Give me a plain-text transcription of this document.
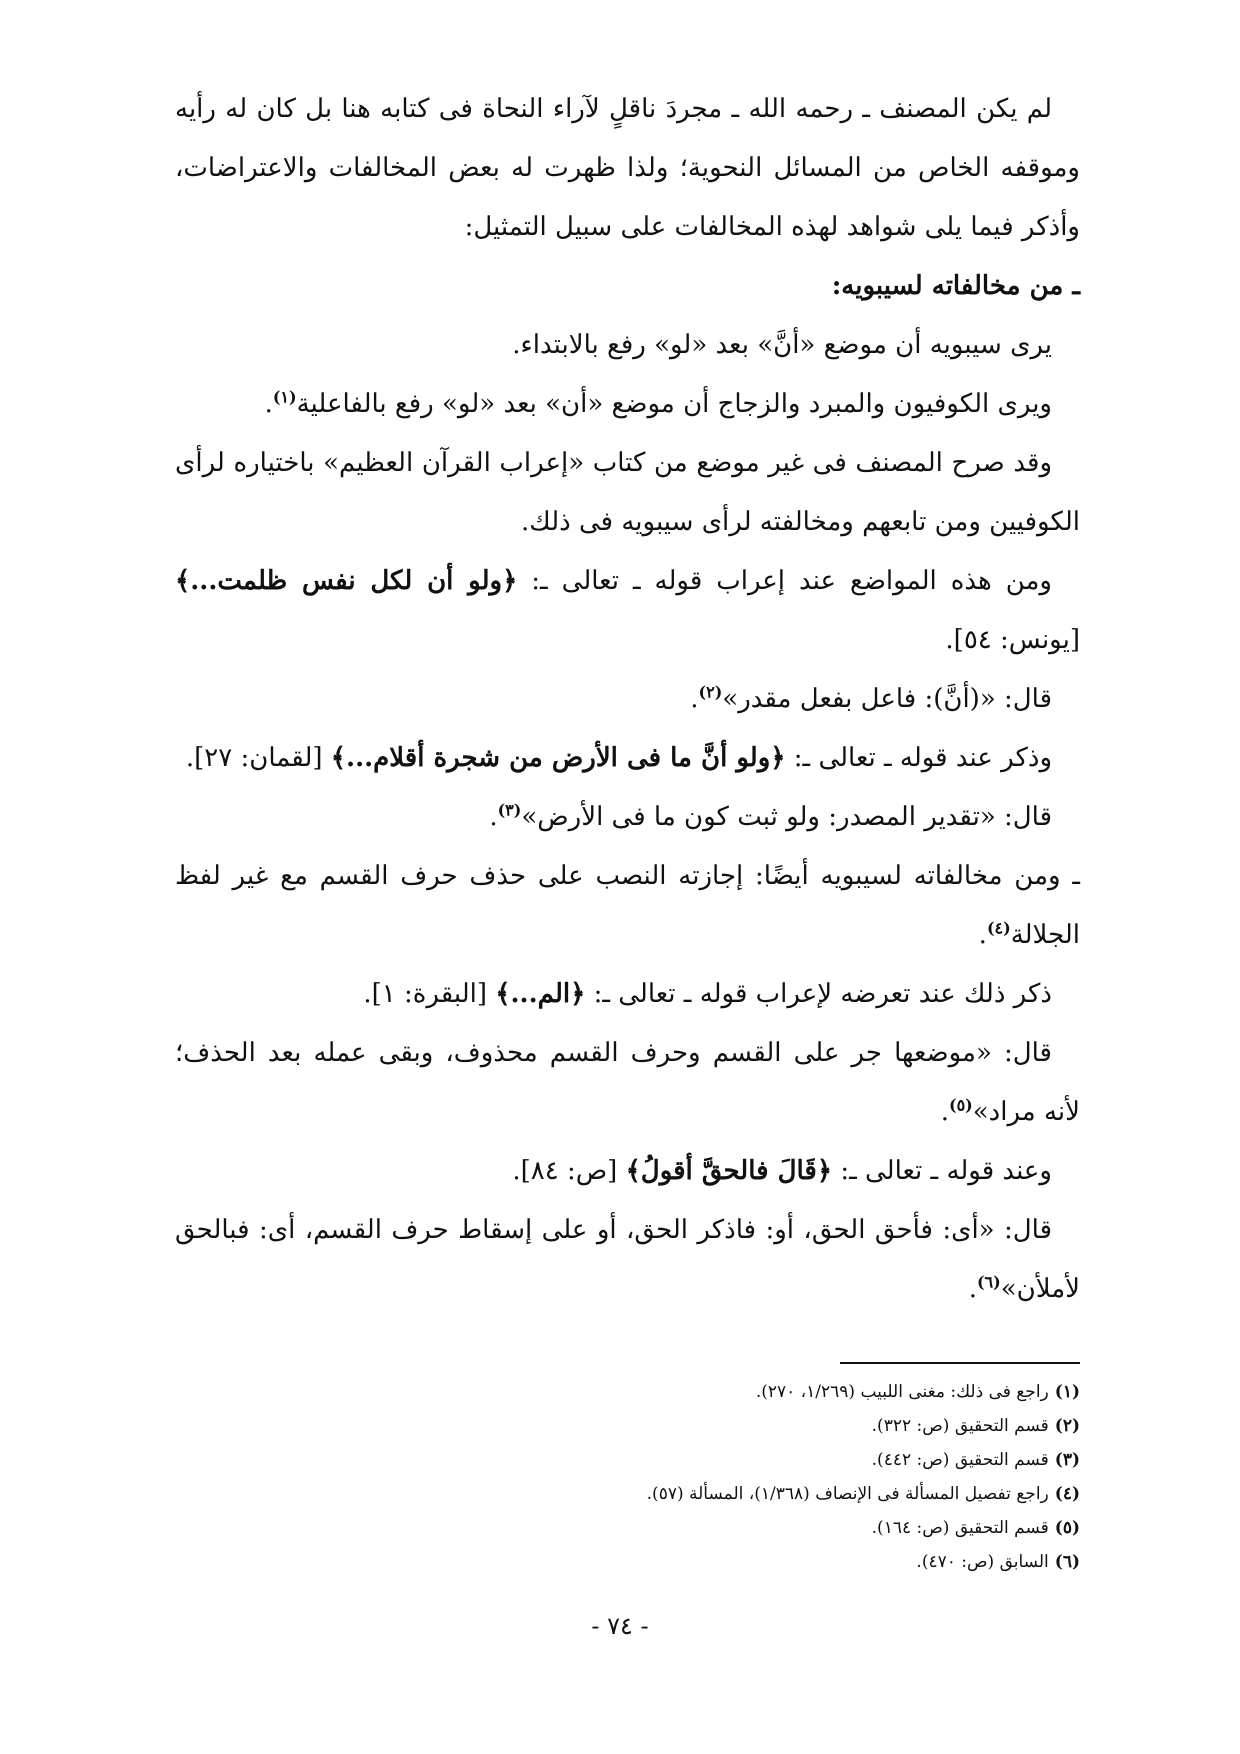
لم يكن المصنف ـ رحمه الله ـ مجردَ ناقلٍ لآراء النحاة فى كتابه هنا بل كان له رأيه وموقفه الخاص من المسائل النحوية؛ ولذا ظهرت له بعض المخالفات والاعتراضات، وأذكر فيما يلى شواهد لهذه المخالفات على سبيل التمثيل:

ـ من مخالفاته لسيبويه:

يرى سيبويه أن موضع «أنَّ» بعد «لو» رفع بالابتداء.

ويرى الكوفيون والمبرد والزجاج أن موضع «أن» بعد «لو» رفع بالفاعلية$^{(١)}$.

وقد صرح المصنف فى غير موضع من كتاب «إعراب القرآن العظيم» باختياره لرأى الكوفيين ومن تابعهم ومخالفته لرأى سيبويه فى ذلك.

ومن هذه المواضع عند إعراب قوله ـ تعالى ـ: ﴿ولو أن لكل نفس ظلمت...﴾ [يونس: ٥٤].

قال: «(أنَّ): فاعل بفعل مقدر»$^{(٢)}$.

وذكر عند قوله ـ تعالى ـ: ﴿ولو أنَّ ما فى الأرض من شجرة أقلام...﴾ [لقمان: ٢٧].

قال: «تقدير المصدر: ولو ثبت كون ما فى الأرض»$^{(٣)}$.

ـ ومن مخالفاته لسيبويه أيضًا: إجازته النصب على حذف حرف القسم مع غير لفظ الجلالة$^{(٤)}$.

ذكر ذلك عند تعرضه لإعراب قوله ـ تعالى ـ: ﴿الم...﴾ [البقرة: ١].

قال: «موضعها جر على القسم وحرف القسم محذوف، وبقى عمله بعد الحذف؛ لأنه مراد»$^{(٥)}$.

وعند قوله ـ تعالى ـ: ﴿قَالَ فالحقَّ أقولُ﴾ [ص: ٨٤].

قال: «أى: فأحق الحق، أو: فاذكر الحق، أو على إسقاط حرف القسم، أى: فبالحق لأملأن»$^{(٦)}$.

(١)راجع فى ذلك: مغنى اللبيب (١/٢٦٩، ٢٧٠).

(٢)قسم التحقيق (ص: ٣٢٢).

(٣)قسم التحقيق (ص: ٤٤٢).

(٤)راجع تفصيل المسألة فى الإنصاف (١/٣٦٨)، المسألة (٥٧).

(٥)قسم التحقيق (ص: ١٦٤).

(٦)السابق (ص: ٤٧٠).

- ٧٤ -
